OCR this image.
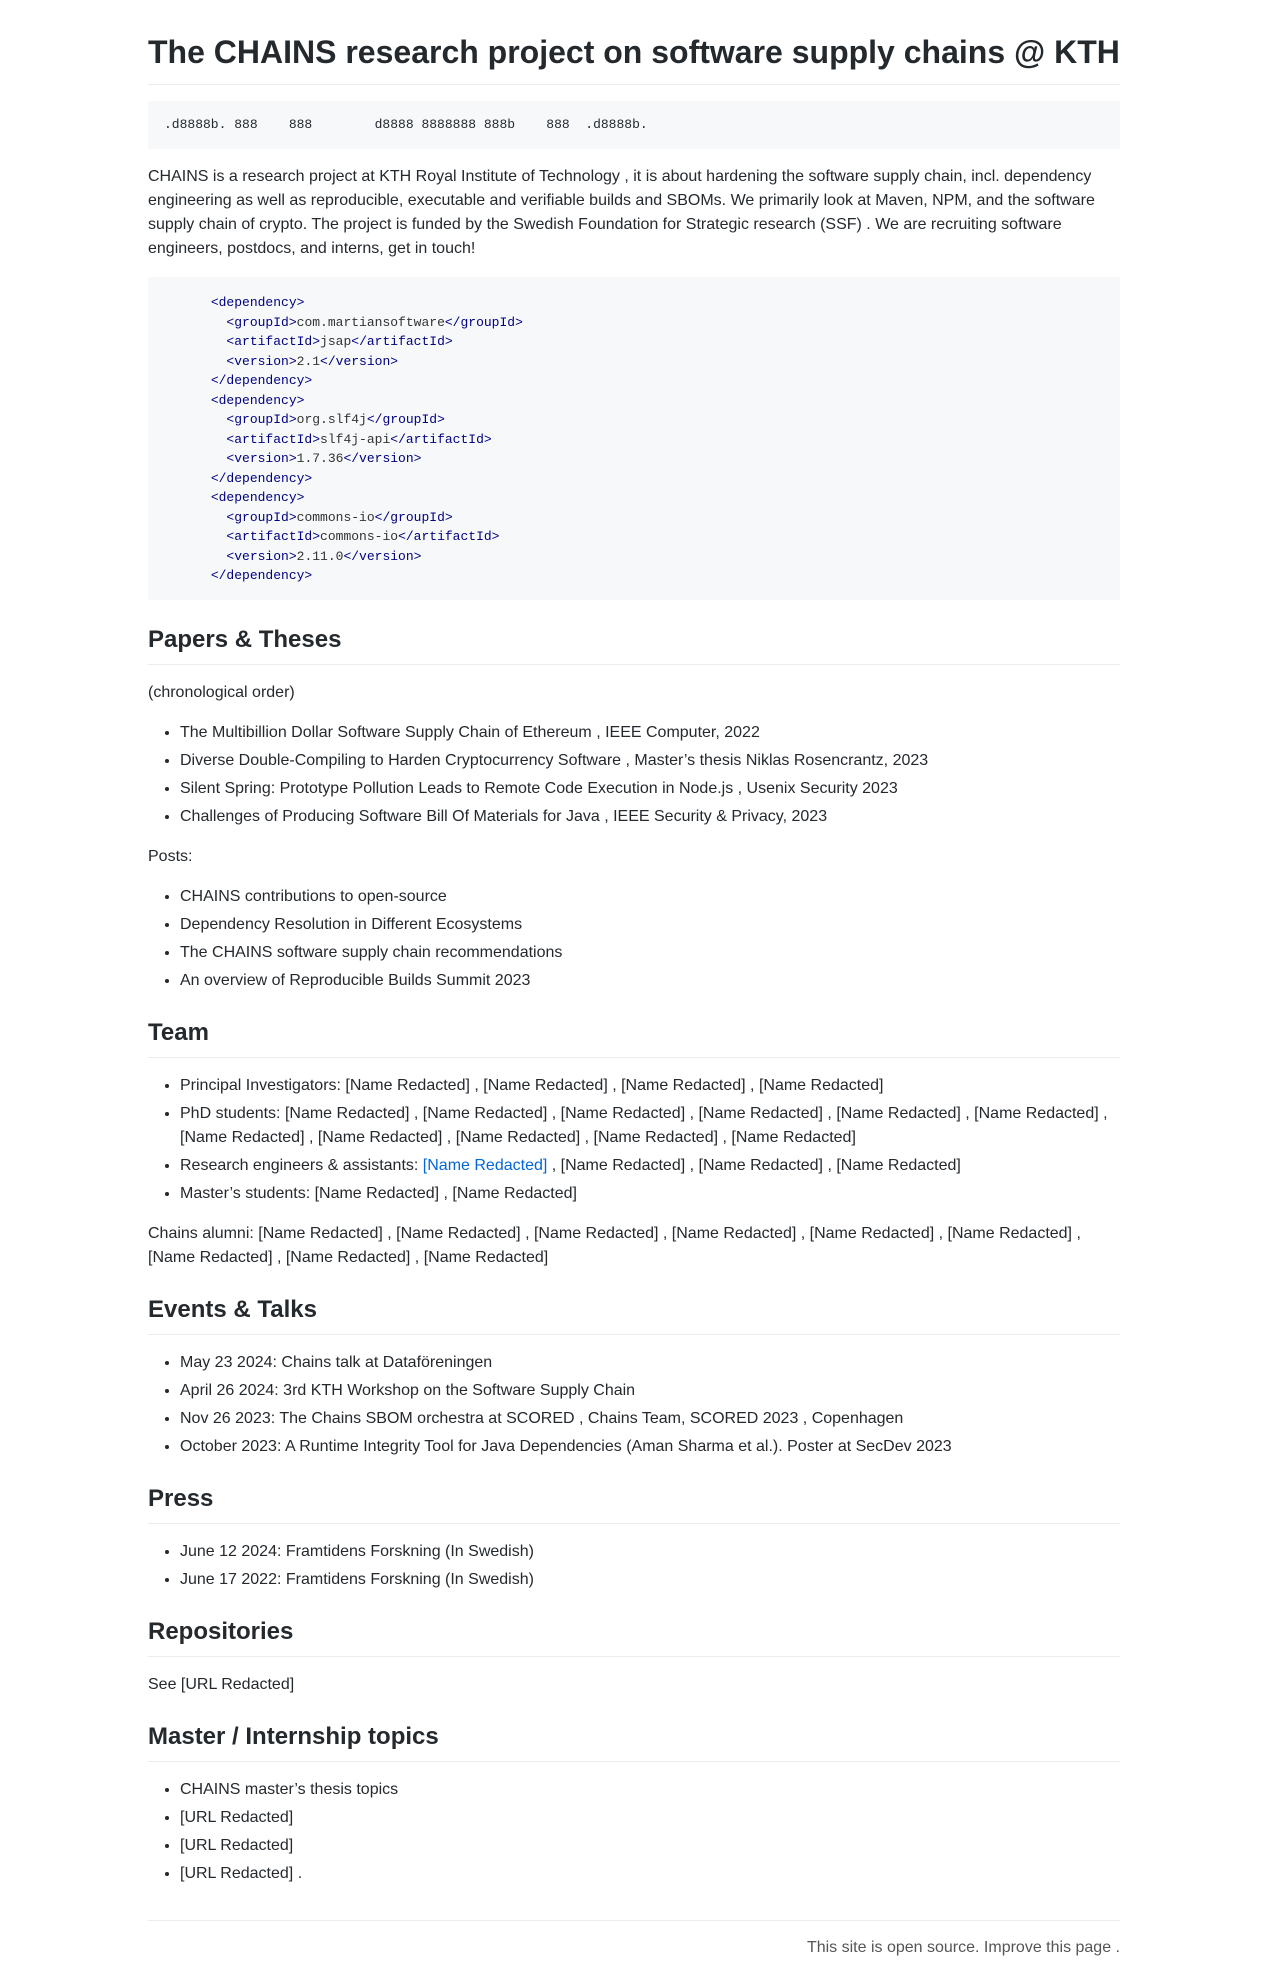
The CHAINS research project on software supply chains @ KTH
.d8888b. 888    888        d8888 8888888 888b    888  .d8888b.

CHAINS is a research project at KTH Royal Institute of Technology , it is about hardening the software supply chain, incl. dependency engineering as well as reproducible, executable and verifiable builds and SBOMs. We primarily look at Maven, NPM, and the software supply chain of crypto. The project is funded by the Swedish Foundation for Strategic research (SSF) . We are recruiting software engineers, postdocs, and interns, get in touch!

<dependency>
<groupId>com.martiansoftware</groupId>
<artifactId>jsap</artifactId>
<version>2.1</version>
</dependency>
<dependency>
<groupId>org.slf4j</groupId>
<artifactId>slf4j-api</artifactId>
<version>1.7.36</version>
</dependency>
<dependency>
<groupId>commons-io</groupId>
<artifactId>commons-io</artifactId>
<version>2.11.0</version>
</dependency>
Papers & Theses

(chronological order)

• The Multibillion Dollar Software Supply Chain of Ethereum , IEEE Computer, 2022
• Diverse Double-Compiling to Harden Cryptocurrency Software , Master’s thesis Niklas Rosencrantz, 2023
• Silent Spring: Prototype Pollution Leads to Remote Code Execution in Node.js , Usenix Security 2023
• Challenges of Producing Software Bill Of Materials for Java , IEEE Security & Privacy, 2023

Posts:

• CHAINS contributions to open-source
• Dependency Resolution in Different Ecosystems
• The CHAINS software supply chain recommendations
• An overview of Reproducible Builds Summit 2023
Team
• Principal Investigators: [Name Redacted] , [Name Redacted] , [Name Redacted] , [Name Redacted]
• PhD students: [Name Redacted] , [Name Redacted] , [Name Redacted] , [Name Redacted] , [Name Redacted] , [Name Redacted] , [Name Redacted] , [Name Redacted] , [Name Redacted] , [Name Redacted] , [Name Redacted]
• Research engineers & assistants: [Name Redacted] , [Name Redacted] , [Name Redacted] , [Name Redacted]
• Master’s students: [Name Redacted] , [Name Redacted]

Chains alumni: [Name Redacted] , [Name Redacted] , [Name Redacted] , [Name Redacted] , [Name Redacted] , [Name Redacted] , [Name Redacted] , [Name Redacted] , [Name Redacted]

Events & Talks
• May 23 2024: Chains talk at Dataföreningen
• April 26 2024: 3rd KTH Workshop on the Software Supply Chain
• Nov 26 2023: The Chains SBOM orchestra at SCORED , Chains Team, SCORED 2023 , Copenhagen
• October 2023: A Runtime Integrity Tool for Java Dependencies (Aman Sharma et al.). Poster at SecDev 2023
Press
• June 12 2024: Framtidens Forskning (In Swedish)
• June 17 2022: Framtidens Forskning (In Swedish)
Repositories

See [URL Redacted]

Master / Internship topics
• CHAINS master’s thesis topics
• [URL Redacted]
• [URL Redacted]
• [URL Redacted] .
This site is open source. Improve this page .
